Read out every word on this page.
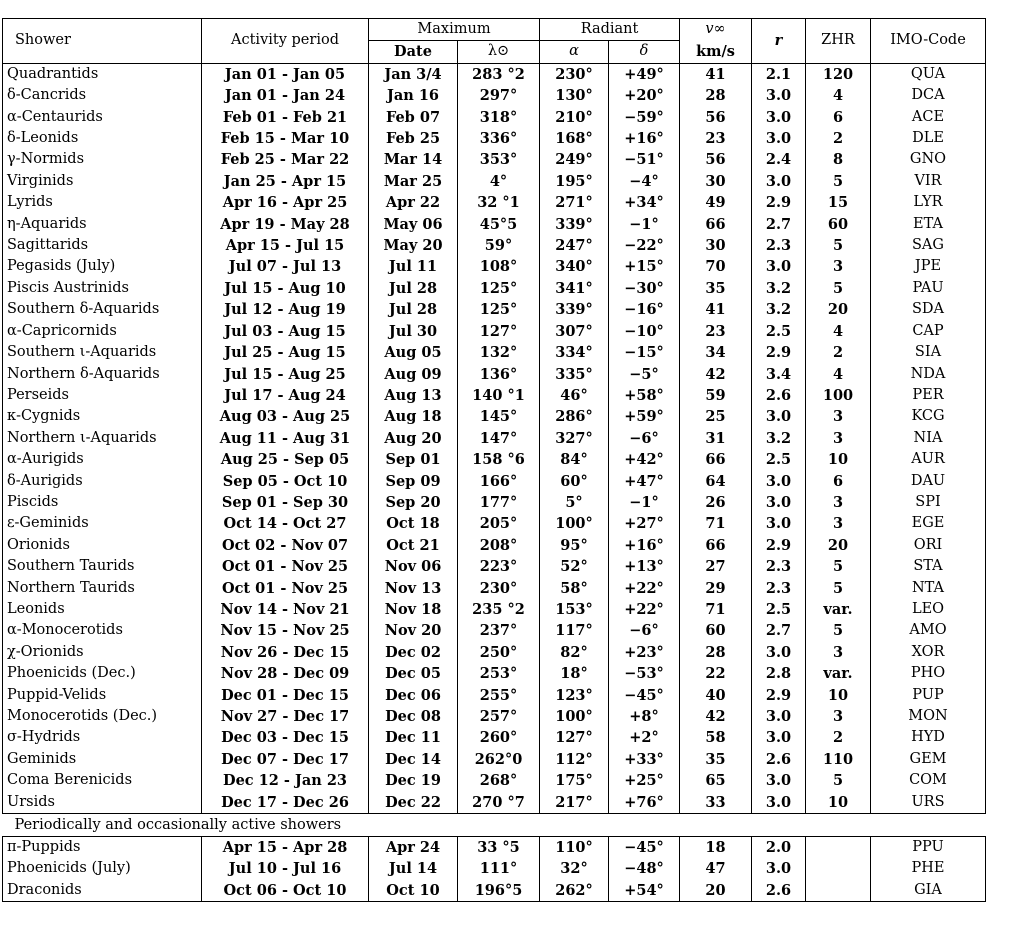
Shower	Activity period	Maximum		Radiant		v∞	r	ZHR	IMO-Code
		Date	λ⊙	α	δ	km/s			
Quadrantids	Jan 01 - Jan 05	Jan 3/4	283 °2	230°	+49°	41	2.1	120	QUA
δ-Cancrids	Jan 01 - Jan 24	Jan 16	297°	130°	+20°	28	3.0	4	DCA
α-Centaurids	Feb 01 - Feb 21	Feb 07	318°	210°	−59°	56	3.0	6	ACE
δ-Leonids	Feb 15 - Mar 10	Feb 25	336°	168°	+16°	23	3.0	2	DLE
γ-Normids	Feb 25 - Mar 22	Mar 14	353°	249°	−51°	56	2.4	8	GNO
Virginids	Jan 25 - Apr 15	Mar 25	4°	195°	−4°	30	3.0	5	VIR
Lyrids	Apr 16 - Apr 25	Apr 22	32 °1	271°	+34°	49	2.9	15	LYR
η-Aquarids	Apr 19 - May 28	May 06	45°5	339°	−1°	66	2.7	60	ETA
Sagittarids	Apr 15 - Jul 15	May 20	59°	247°	−22°	30	2.3	5	SAG
Pegasids (July)	Jul 07 - Jul 13	Jul 11	108°	340°	+15°	70	3.0	3	JPE
Piscis Austrinids	Jul 15 - Aug 10	Jul 28	125°	341°	−30°	35	3.2	5	PAU
Southern δ-Aquarids	Jul 12 - Aug 19	Jul 28	125°	339°	−16°	41	3.2	20	SDA
α-Capricornids	Jul 03 - Aug 15	Jul 30	127°	307°	−10°	23	2.5	4	CAP
Southern ι-Aquarids	Jul 25 - Aug 15	Aug 05	132°	334°	−15°	34	2.9	2	SIA
Northern δ-Aquarids	Jul 15 - Aug 25	Aug 09	136°	335°	−5°	42	3.4	4	NDA
Perseids	Jul 17 - Aug 24	Aug 13	140 °1	46°	+58°	59	2.6	100	PER
κ-Cygnids	Aug 03 - Aug 25	Aug 18	145°	286°	+59°	25	3.0	3	KCG
Northern ι-Aquarids	Aug 11 - Aug 31	Aug 20	147°	327°	−6°	31	3.2	3	NIA
α-Aurigids	Aug 25 - Sep 05	Sep 01	158 °6	84°	+42°	66	2.5	10	AUR
δ-Aurigids	Sep 05 - Oct 10	Sep 09	166°	60°	+47°	64	3.0	6	DAU
Piscids	Sep 01 - Sep 30	Sep 20	177°	5°	−1°	26	3.0	3	SPI
ε-Geminids	Oct 14 - Oct 27	Oct 18	205°	100°	+27°	71	3.0	3	EGE
Orionids	Oct 02 - Nov 07	Oct 21	208°	95°	+16°	66	2.9	20	ORI
Southern Taurids	Oct 01 - Nov 25	Nov 06	223°	52°	+13°	27	2.3	5	STA
Northern Taurids	Oct 01 - Nov 25	Nov 13	230°	58°	+22°	29	2.3	5	NTA
Leonids	Nov 14 - Nov 21	Nov 18	235 °2	153°	+22°	71	2.5	var.	LEO
α-Monocerotids	Nov 15 - Nov 25	Nov 20	237°	117°	−6°	60	2.7	5	AMO
χ-Orionids	Nov 26 - Dec 15	Dec 02	250°	82°	+23°	28	3.0	3	XOR
Phoenicids (Dec.)	Nov 28 - Dec 09	Dec 05	253°	18°	−53°	22	2.8	var.	PHO
Puppid-Velids	Dec 01 - Dec 15	Dec 06	255°	123°	−45°	40	2.9	10	PUP
Monocerotids (Dec.)	Nov 27 - Dec 17	Dec 08	257°	100°	+8°	42	3.0	3	MON
σ-Hydrids	Dec 03 - Dec 15	Dec 11	260°	127°	+2°	58	3.0	2	HYD
Geminids	Dec 07 - Dec 17	Dec 14	262°0	112°	+33°	35	2.6	110	GEM
Coma Berenicids	Dec 12 - Jan 23	Dec 19	268°	175°	+25°	65	3.0	5	COM
Ursids	Dec 17 - Dec 26	Dec 22	270 °7	217°	+76°	33	3.0	10	URS
Periodically and occasionally active showers									
π-Puppids	Apr 15 - Apr 28	Apr 24	33 °5	110°	−45°	18	2.0		PPU
Phoenicids (July)	Jul 10 - Jul 16	Jul 14	111°	32°	−48°	47	3.0		PHE
Draconids	Oct 06 - Oct 10	Oct 10	196°5	262°	+54°	20	2.6		GIA
